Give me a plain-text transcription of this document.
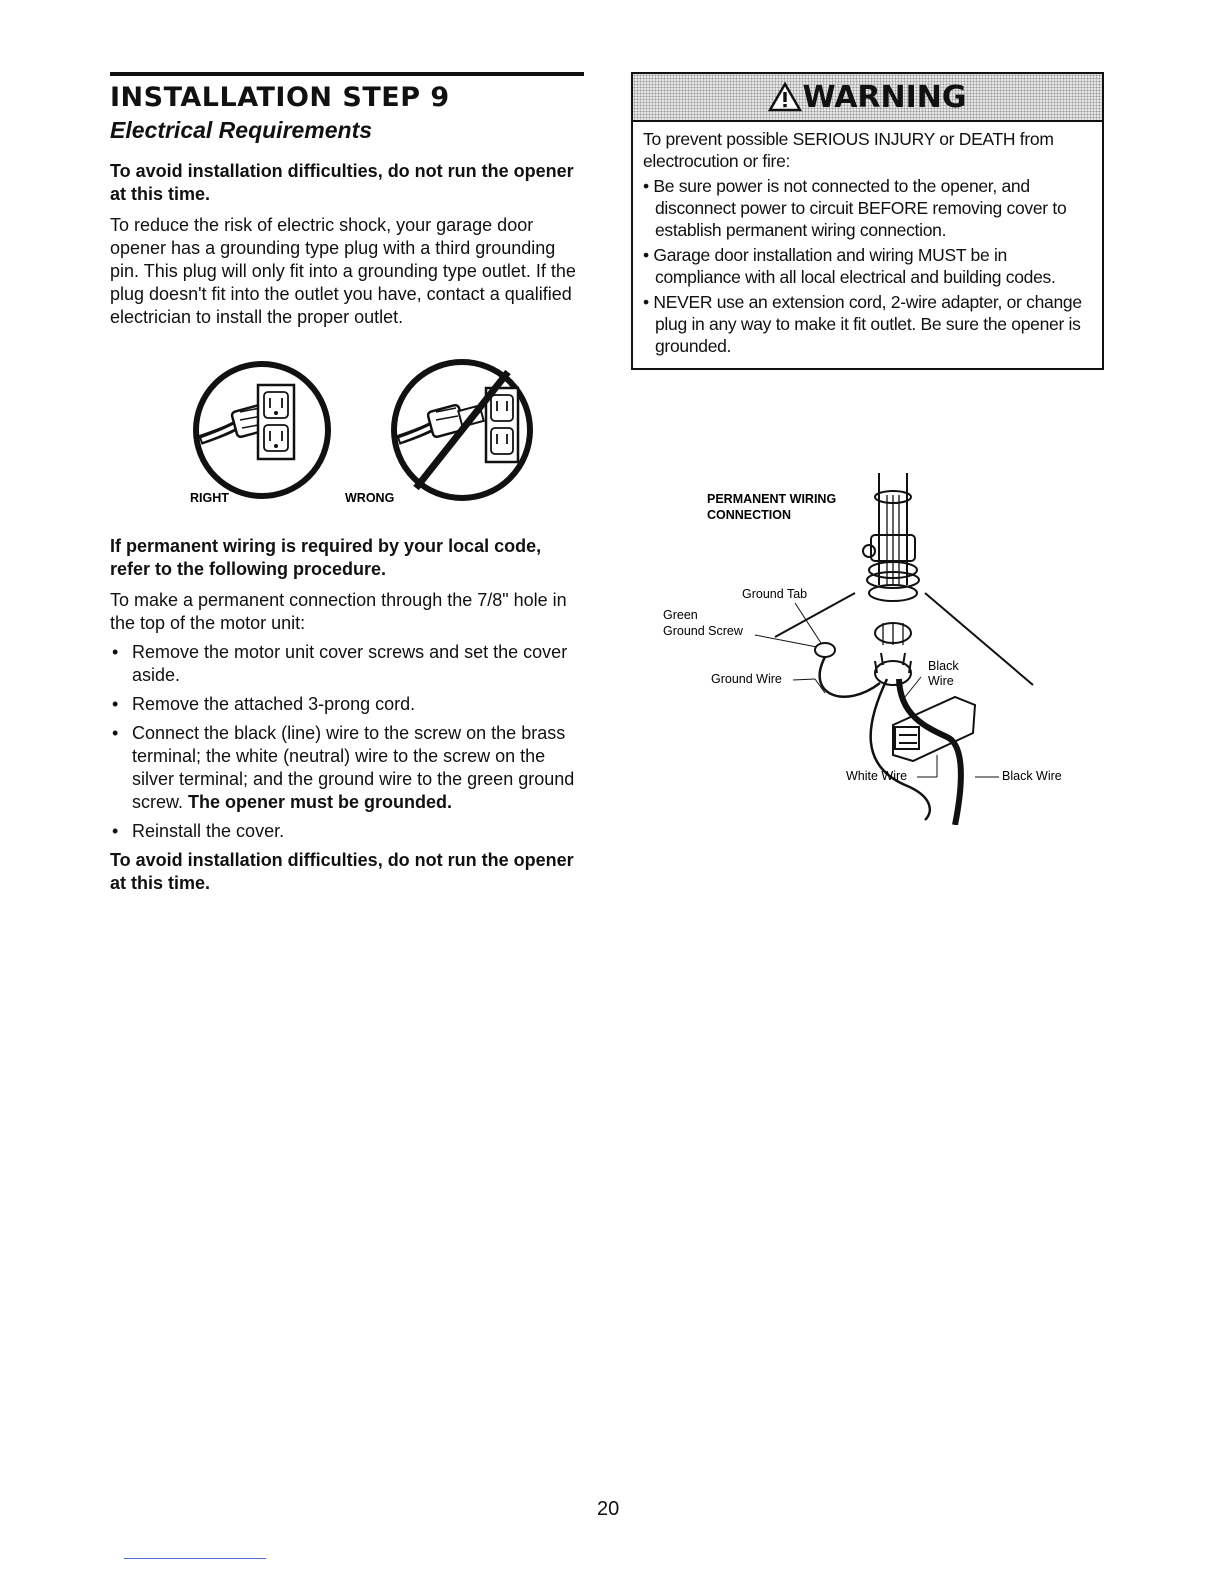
INSTALLATION STEP 9
Electrical Requirements
To avoid installation difficulties, do not run the opener at this time.
To reduce the risk of electric shock, your garage door opener has a grounding type plug with a third grounding pin. This plug will only fit into a grounding type outlet. If the plug doesn't fit into the outlet you have, contact a qualified electrician to install the proper outlet.
RIGHT	WRONG
If permanent wiring is required by your local code, refer to the following procedure.
To make a permanent connection through the 7/8" hole in the top of the motor unit:
• Remove the motor unit cover screws and set the cover aside.
• Remove the attached 3-prong cord.
• Connect the black (line) wire to the screw on the brass terminal; the white (neutral) wire to the screw on the silver terminal; and the ground wire to the green ground screw. The opener must be grounded.
• Reinstall the cover.
To avoid installation difficulties, do not run the opener at this time.
WARNING
To prevent possible SERIOUS INJURY or DEATH from electrocution or fire:
• Be sure power is not connected to the opener, and disconnect power to circuit BEFORE removing cover to establish permanent wiring connection.
• Garage door installation and wiring MUST be in compliance with all local electrical and building codes.
• NEVER use an extension cord, 2-wire adapter, or change plug in any way to make it fit outlet. Be sure the opener is grounded.
PERMANENT WIRING
CONNECTION
Ground Tab
Green
Ground Screw
Ground Wire
Black
Wire
White Wire	Black Wire
20
